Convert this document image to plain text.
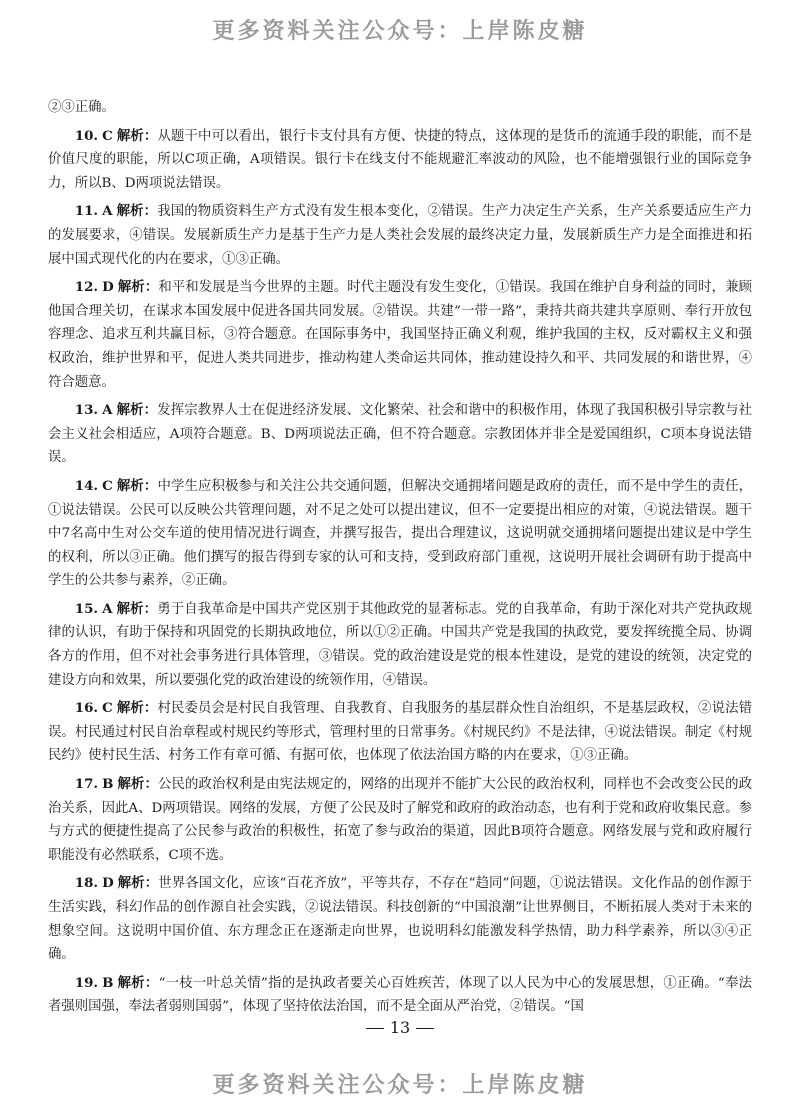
更多资料关注公众号：上岸陈皮糖

②③正确。

10. C 解析：从题干中可以看出，银行卡支付具有方便、快捷的特点，这体现的是货币的流通手段的职能，而不是价值尺度的职能，所以C项正确，A项错误。银行卡在线支付不能规避汇率波动的风险，也不能增强银行业的国际竞争力，所以B、D两项说法错误。

11. A 解析：我国的物质资料生产方式没有发生根本变化，②错误。生产力决定生产关系，生产关系要适应生产力的发展要求，④错误。发展新质生产力是基于生产力是人类社会发展的最终决定力量，发展新质生产力是全面推进和拓展中国式现代化的内在要求，①③正确。

12. D 解析：和平和发展是当今世界的主题。时代主题没有发生变化，①错误。我国在维护自身利益的同时，兼顾他国合理关切，在谋求本国发展中促进各国共同发展。②错误。共建“一带一路”，秉持共商共建共享原则、奉行开放包容理念、追求互利共赢目标，③符合题意。在国际事务中，我国坚持正确义利观，维护我国的主权，反对霸权主义和强权政治，维护世界和平，促进人类共同进步，推动构建人类命运共同体，推动建设持久和平、共同发展的和谐世界，④符合题意。

13. A 解析：发挥宗教界人士在促进经济发展、文化繁荣、社会和谐中的积极作用，体现了我国积极引导宗教与社会主义社会相适应，A项符合题意。B、D两项说法正确，但不符合题意。宗教团体并非全是爱国组织，C项本身说法错误。

14. C 解析：中学生应积极参与和关注公共交通问题，但解决交通拥堵问题是政府的责任，而不是中学生的责任，①说法错误。公民可以反映公共管理问题，对不足之处可以提出建议，但不一定要提出相应的对策，④说法错误。题干中7名高中生对公交车道的使用情况进行调查，并撰写报告，提出合理建议，这说明就交通拥堵问题提出建议是中学生的权利，所以③正确。他们撰写的报告得到专家的认可和支持，受到政府部门重视，这说明开展社会调研有助于提高中学生的公共参与素养，②正确。

15. A 解析：勇于自我革命是中国共产党区别于其他政党的显著标志。党的自我革命，有助于深化对共产党执政规律的认识，有助于保持和巩固党的长期执政地位，所以①②正确。中国共产党是我国的执政党，要发挥统揽全局、协调各方的作用，但不对社会事务进行具体管理，③错误。党的政治建设是党的根本性建设，是党的建设的统领，决定党的建设方向和效果，所以要强化党的政治建设的统领作用，④错误。

16. C 解析：村民委员会是村民自我管理、自我教育、自我服务的基层群众性自治组织，不是基层政权，②说法错误。村民通过村民自治章程或村规民约等形式，管理村里的日常事务。《村规民约》不是法律，④说法错误。制定《村规民约》使村民生活、村务工作有章可循、有据可依，也体现了依法治国方略的内在要求，①③正确。

17. B 解析：公民的政治权利是由宪法规定的，网络的出现并不能扩大公民的政治权利，同样也不会改变公民的政治关系，因此A、D两项错误。网络的发展，方便了公民及时了解党和政府的政治动态，也有利于党和政府收集民意。参与方式的便捷性提高了公民参与政治的积极性，拓宽了参与政治的渠道，因此B项符合题意。网络发展与党和政府履行职能没有必然联系，C项不选。

18. D 解析：世界各国文化，应该“百花齐放”，平等共存，不存在“趋同”问题，①说法错误。文化作品的创作源于生活实践，科幻作品的创作源自社会实践，②说法错误。科技创新的“中国浪潮”让世界侧目，不断拓展人类对于未来的想象空间。这说明中国价值、东方理念正在逐渐走向世界，也说明科幻能激发科学热情，助力科学素养，所以③④正确。

19. B 解析：“一枝一叶总关情”指的是执政者要关心百姓疾苦，体现了以人民为中心的发展思想，①正确。“奉法者强则国强，奉法者弱则国弱”，体现了坚持依法治国，而不是全面从严治党，②错误。“国

13
更多资料关注公众号：上岸陈皮糖
